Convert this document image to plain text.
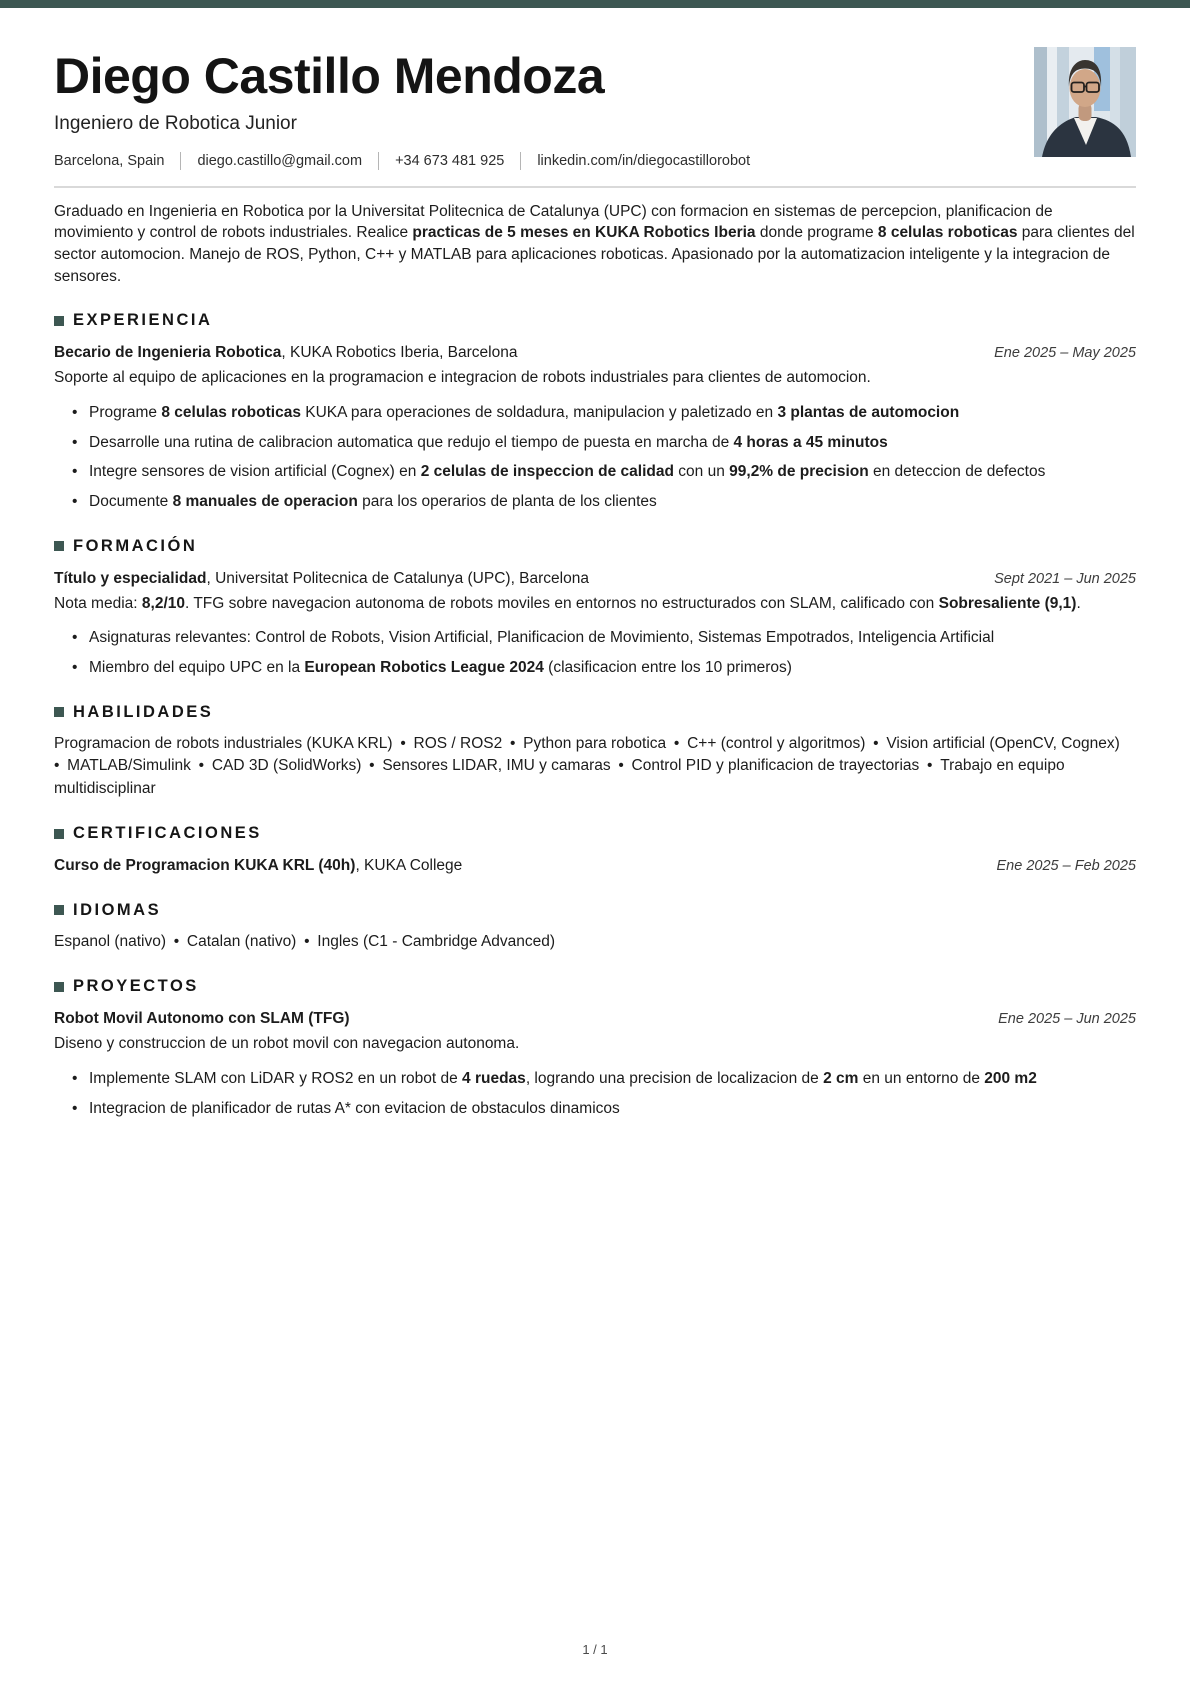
Diego Castillo Mendoza
Ingeniero de Robotica Junior
Barcelona, Spain diego.castillo@gmail.com +34 673 481 925 linkedin.com/in/diegocastillorobot

Graduado en Ingenieria en Robotica por la Universitat Politecnica de Catalunya (UPC) con formacion en sistemas de percepcion, planificacion de movimiento y control de robots industriales. Realice practicas de 5 meses en KUKA Robotics Iberia donde programe 8 celulas roboticas para clientes del sector automocion. Manejo de ROS, Python, C++ y MATLAB para aplicaciones roboticas. Apasionado por la automatizacion inteligente y la integracion de sensores.

EXPERIENCIA
Becario de Ingenieria Robotica, KUKA Robotics Iberia, Barcelona	Ene 2025 – May 2025
Soporte al equipo de aplicaciones en la programacion e integracion de robots industriales para clientes de automocion.
• Programe 8 celulas roboticas KUKA para operaciones de soldadura, manipulacion y paletizado en 3 plantas de automocion
• Desarrolle una rutina de calibracion automatica que redujo el tiempo de puesta en marcha de 4 horas a 45 minutos
• Integre sensores de vision artificial (Cognex) en 2 celulas de inspeccion de calidad con un 99,2% de precision en deteccion de defectos
• Documente 8 manuales de operacion para los operarios de planta de los clientes
FORMACIÓN
Título y especialidad, Universitat Politecnica de Catalunya (UPC), Barcelona	Sept 2021 – Jun 2025
Nota media: 8,2/10. TFG sobre navegacion autonoma de robots moviles en entornos no estructurados con SLAM, calificado con Sobresaliente (9,1).
• Asignaturas relevantes: Control de Robots, Vision Artificial, Planificacion de Movimiento, Sistemas Empotrados, Inteligencia Artificial
• Miembro del equipo UPC en la European Robotics League 2024 (clasificacion entre los 10 primeros)
HABILIDADES

Programacion de robots industriales (KUKA KRL) • ROS / ROS2 • Python para robotica • C++ (control y algoritmos) • Vision artificial (OpenCV, Cognex) • MATLAB/Simulink • CAD 3D (SolidWorks) • Sensores LIDAR, IMU y camaras • Control PID y planificacion de trayectorias • Trabajo en equipo multidisciplinar

CERTIFICACIONES
Curso de Programacion KUKA KRL (40h), KUKA College	Ene 2025 – Feb 2025
IDIOMAS

Espanol (nativo) • Catalan (nativo) • Ingles (C1 - Cambridge Advanced)

PROYECTOS
Robot Movil Autonomo con SLAM (TFG)	Ene 2025 – Jun 2025
Diseno y construccion de un robot movil con navegacion autonoma.
• Implemente SLAM con LiDAR y ROS2 en un robot de 4 ruedas, logrando una precision de localizacion de 2 cm en un entorno de 200 m2
• Integracion de planificador de rutas A* con evitacion de obstaculos dinamicos
1 / 1
